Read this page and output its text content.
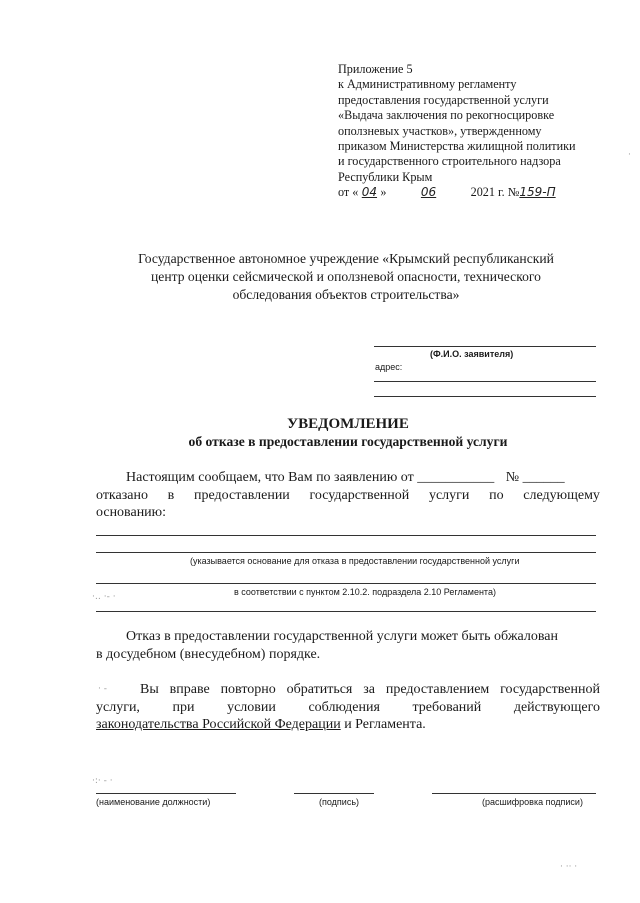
Приложение 5
к Административному регламенту
предоставления государственной услуги
«Выдача заключения по рекогносцировке
оползневых участков», утвержденному
приказом Министерства жилищной политики
и государственного строительного надзора
Республики Крым
от « 04 »	06	2021 г. №159-П
Государственное автономное учреждение «Крымский республиканский
центр оценки сейсмической и оползневой опасности, технического
обследования объектов строительства»
(Ф.И.О. заявителя)
адрес:
УВЕДОМЛЕНИЕ
об отказе в предоставлении государственной услуги
Настоящим сообщаем, что Вам по заявлению от ___________ № ______
отказано в предоставлении государственной услуги по следующему
основанию:
(указывается основание для отказа в предоставлении государственной услуги
в соответствии с пунктом 2.10.2. подраздела 2.10 Регламента)
Отказ в предоставлении государственной услуги может быть обжалован
в досудебном (внесудебном) порядке.
Вы вправе повторно обратиться за предоставлением государственной
услуги, при условии соблюдения требований действующего
законодательства Российской Федерации и Регламента.
(наименование должности)	(подпись)	(расшифровка подписи)
·‥ ·‐ ·
· ‐
·:· ‐ ·
· ·· ·
·
